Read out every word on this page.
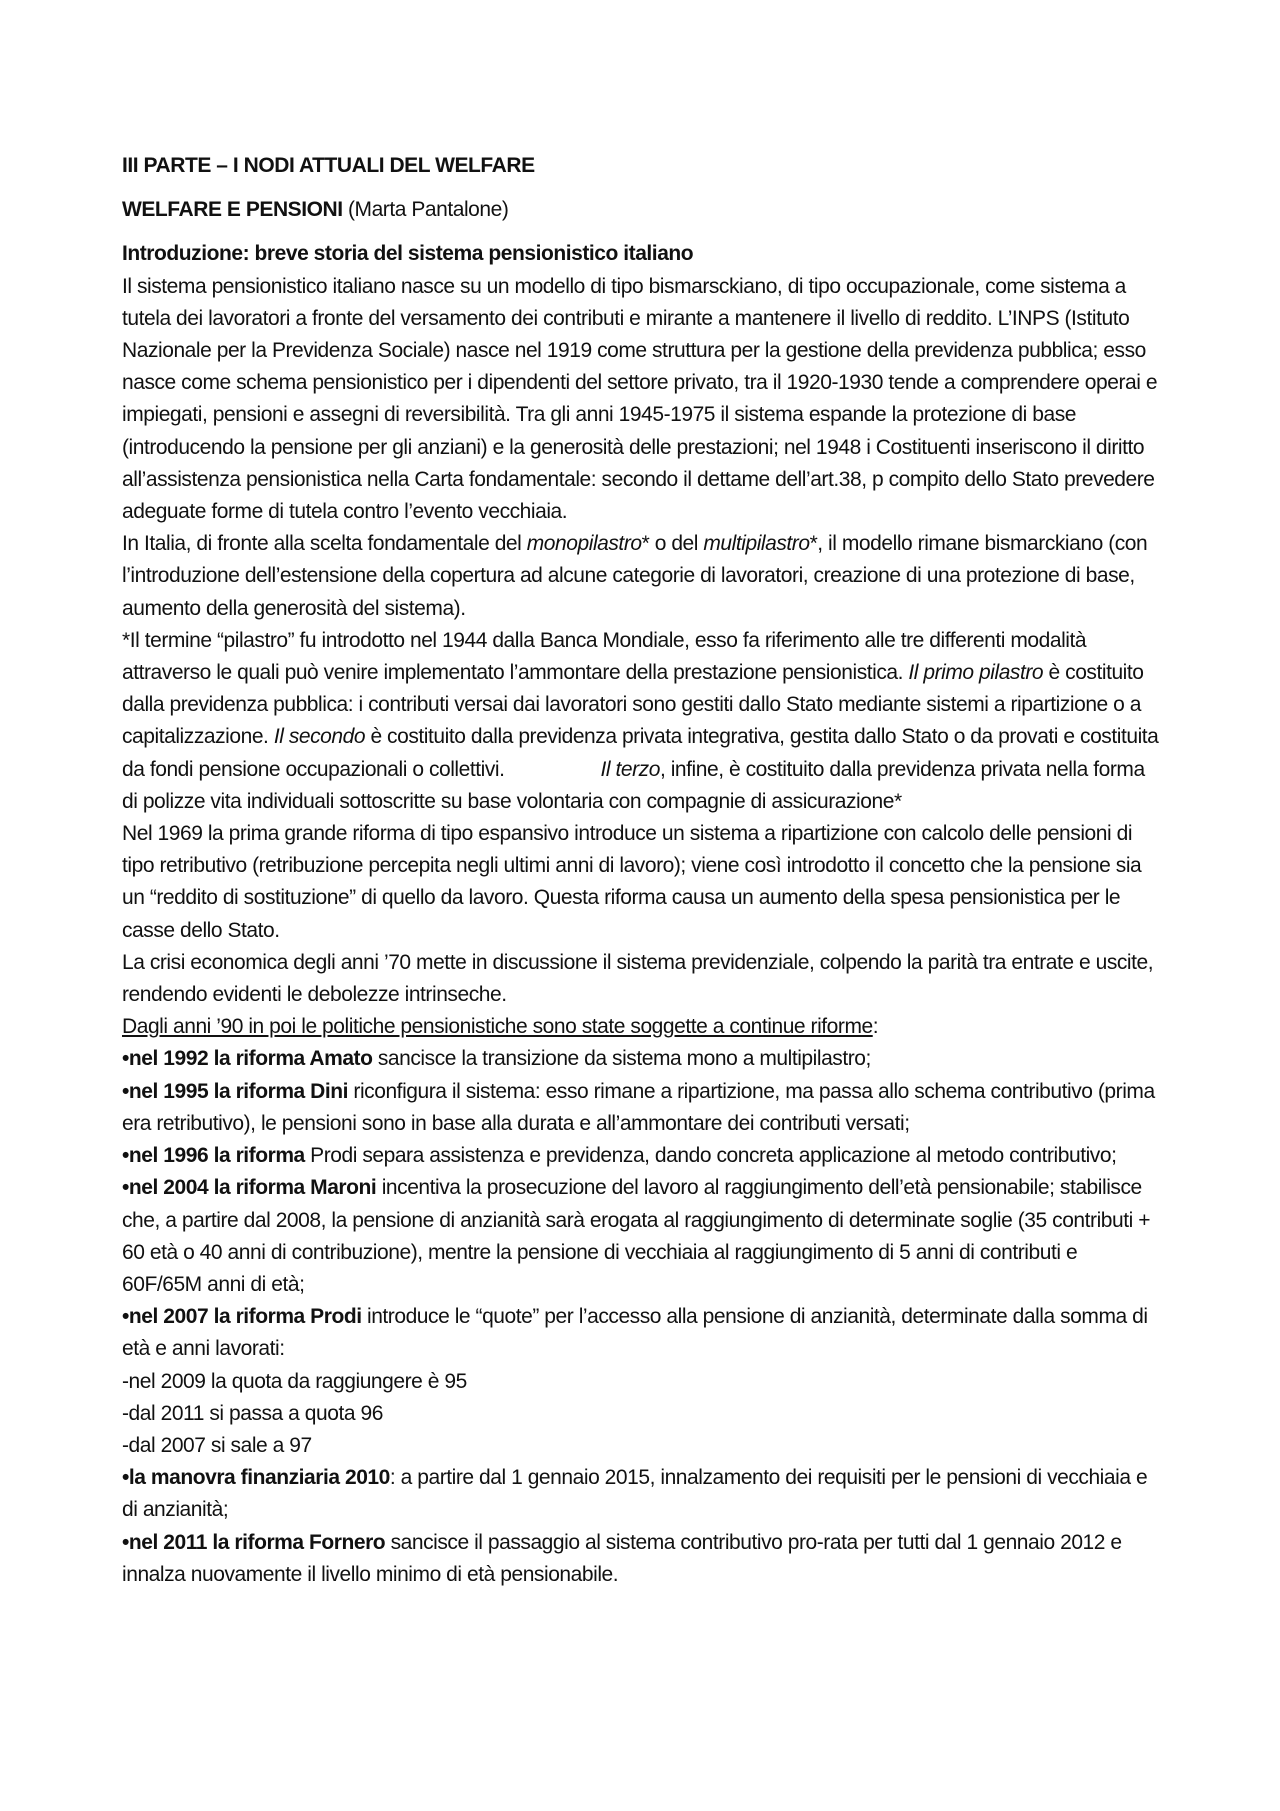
III PARTE – I NODI ATTUALI DEL WELFARE

WELFARE E PENSIONI (Marta Pantalone)

Introduzione: breve storia del sistema pensionistico italiano

Il sistema pensionistico italiano nasce su un modello di tipo bismarsckiano, di tipo occupazionale, come sistema a tutela dei lavoratori a fronte del versamento dei contributi e mirante a mantenere il livello di reddito. L’INPS (Istituto Nazionale per la Previdenza Sociale) nasce nel 1919 come struttura per la gestione della previdenza pubblica; esso nasce come schema pensionistico per i dipendenti del settore privato, tra il 1920-1930 tende a comprendere operai e impiegati, pensioni e assegni di reversibilità. Tra gli anni 1945-1975 il sistema espande la protezione di base (introducendo la pensione per gli anziani) e la generosità delle prestazioni; nel 1948 i Costituenti inseriscono il diritto all’assistenza pensionistica nella Carta fondamentale: secondo il dettame dell’art.38, p compito dello Stato prevedere adeguate forme di tutela contro l’evento vecchiaia.

In Italia, di fronte alla scelta fondamentale del monopilastro* o del multipilastro*, il modello rimane bismarckiano (con l’introduzione dell’estensione della copertura ad alcune categorie di lavoratori, creazione di una protezione di base, aumento della generosità del sistema).

*Il termine “pilastro” fu introdotto nel 1944 dalla Banca Mondiale, esso fa riferimento alle tre differenti modalità attraverso le quali può venire implementato l’ammontare della prestazione pensionistica. Il primo pilastro è costituito dalla previdenza pubblica: i contributi versai dai lavoratori sono gestiti dallo Stato mediante sistemi a ripartizione o a capitalizzazione. Il secondo è costituito dalla previdenza privata integrativa, gestita dallo Stato o da provati e costituita da fondi pensione occupazionali o collettivi.	Il terzo, infine, è costituito dalla previdenza privata nella forma di polizze vita individuali sottoscritte su base volontaria con compagnie di assicurazione*

Nel 1969 la prima grande riforma di tipo espansivo introduce un sistema a ripartizione con calcolo delle pensioni di tipo retributivo (retribuzione percepita negli ultimi anni di lavoro); viene così introdotto il concetto che la pensione sia un “reddito di sostituzione” di quello da lavoro. Questa riforma causa un aumento della spesa pensionistica per le casse dello Stato.

La crisi economica degli anni ’70 mette in discussione il sistema previdenziale, colpendo la parità tra entrate e uscite, rendendo evidenti le debolezze intrinseche.

Dagli anni ’90 in poi le politiche pensionistiche sono state soggette a continue riforme:

•nel 1992 la riforma Amato sancisce la transizione da sistema mono a multipilastro;

•nel 1995 la riforma Dini riconfigura il sistema: esso rimane a ripartizione, ma passa allo schema contributivo (prima era retributivo), le pensioni sono in base alla durata e all’ammontare dei contributi versati;

•nel 1996 la riforma Prodi separa assistenza e previdenza, dando concreta applicazione al metodo contributivo;

•nel 2004 la riforma Maroni incentiva la prosecuzione del lavoro al raggiungimento dell’età pensionabile; stabilisce che, a partire dal 2008, la pensione di anzianità sarà erogata al raggiungimento di determinate soglie (35 contributi + 60 età o 40 anni di contribuzione), mentre la pensione di vecchiaia al raggiungimento di 5 anni di contributi e 60F/65M anni di età;

•nel 2007 la riforma Prodi introduce le “quote” per l’accesso alla pensione di anzianità, determinate dalla somma di età e anni lavorati:

-nel 2009 la quota da raggiungere è 95

-dal 2011 si passa a quota 96

-dal 2007 si sale a 97

•la manovra finanziaria 2010: a partire dal 1 gennaio 2015, innalzamento dei requisiti per le pensioni di vecchiaia e di anzianità;

•nel 2011 la riforma Fornero sancisce il passaggio al sistema contributivo pro-rata per tutti dal 1 gennaio 2012 e innalza nuovamente il livello minimo di età pensionabile.
